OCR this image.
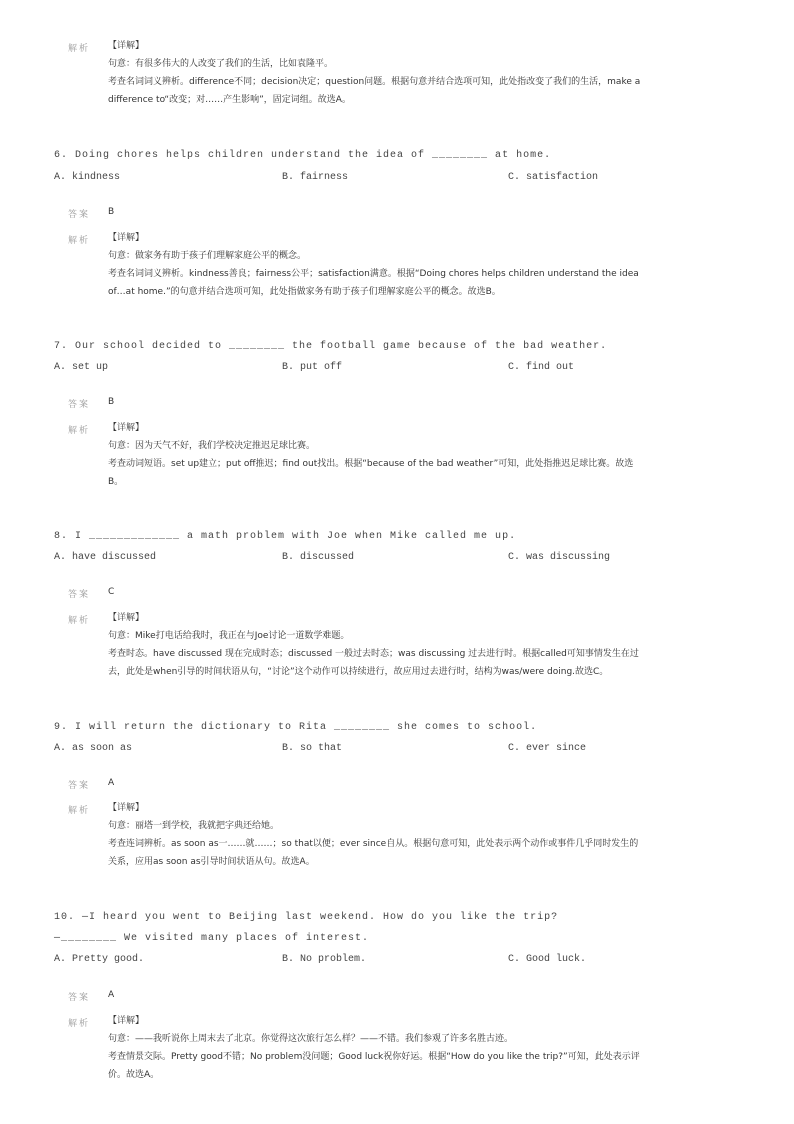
解析 【详解】
句意：有很多伟大的人改变了我们的生活，比如袁隆平。
考查名词词义辨析。difference不同；decision决定；question问题。根据句意并结合选项可知，此处指改变了我们的生活，make a
difference to“改变；对……产生影响”，固定词组。故选A。
6. Doing chores helps children understand the idea of ________ at home.
A. kindness	B. fairness	C. satisfaction
答案 B
解析 【详解】
句意：做家务有助于孩子们理解家庭公平的概念。
考查名词词义辨析。kindness善良；fairness公平；satisfaction满意。根据“Doing chores helps children understand the idea
of…at home.”的句意并结合选项可知，此处指做家务有助于孩子们理解家庭公平的概念。故选B。
7. Our school decided to ________ the football game because of the bad weather.
A. set up	B. put off	C. find out
答案 B
解析 【详解】
句意：因为天气不好，我们学校决定推迟足球比赛。
考查动词短语。set up建立；put off推迟；find out找出。根据“because of the bad weather”可知，此处指推迟足球比赛。故选
B。
8. I _____________ a math problem with Joe when Mike called me up.
A. have discussed	B. discussed	C. was discussing
答案 C
解析 【详解】
句意：Mike打电话给我时，我正在与Joe讨论一道数学难题。
考查时态。have discussed 现在完成时态；discussed 一般过去时态；was discussing 过去进行时。根据called可知事情发生在过
去，此处是when引导的时间状语从句，“讨论”这个动作可以持续进行，故应用过去进行时，结构为was/were doing.故选C。
9. I will return the dictionary to Rita ________ she comes to school.
A. as soon as	B. so that	C. ever since
答案 A
解析 【详解】
句意：丽塔一到学校，我就把字典还给她。
考查连词辨析。as soon as一……就……；so that以便；ever since自从。根据句意可知，此处表示两个动作或事件几乎同时发生的
关系，应用as soon as引导时间状语从句。故选A。
10. —I heard you went to Beijing last weekend. How do you like the trip?
—________ We visited many places of interest.
A. Pretty good.	B. No problem.	C. Good luck.
答案 A
解析 【详解】
句意：——我听说你上周末去了北京。你觉得这次旅行怎么样？——不错。我们参观了许多名胜古迹。
考查情景交际。Pretty good不错；No problem没问题；Good luck祝你好运。根据“How do you like the trip?”可知，此处表示评
价。故选A。
